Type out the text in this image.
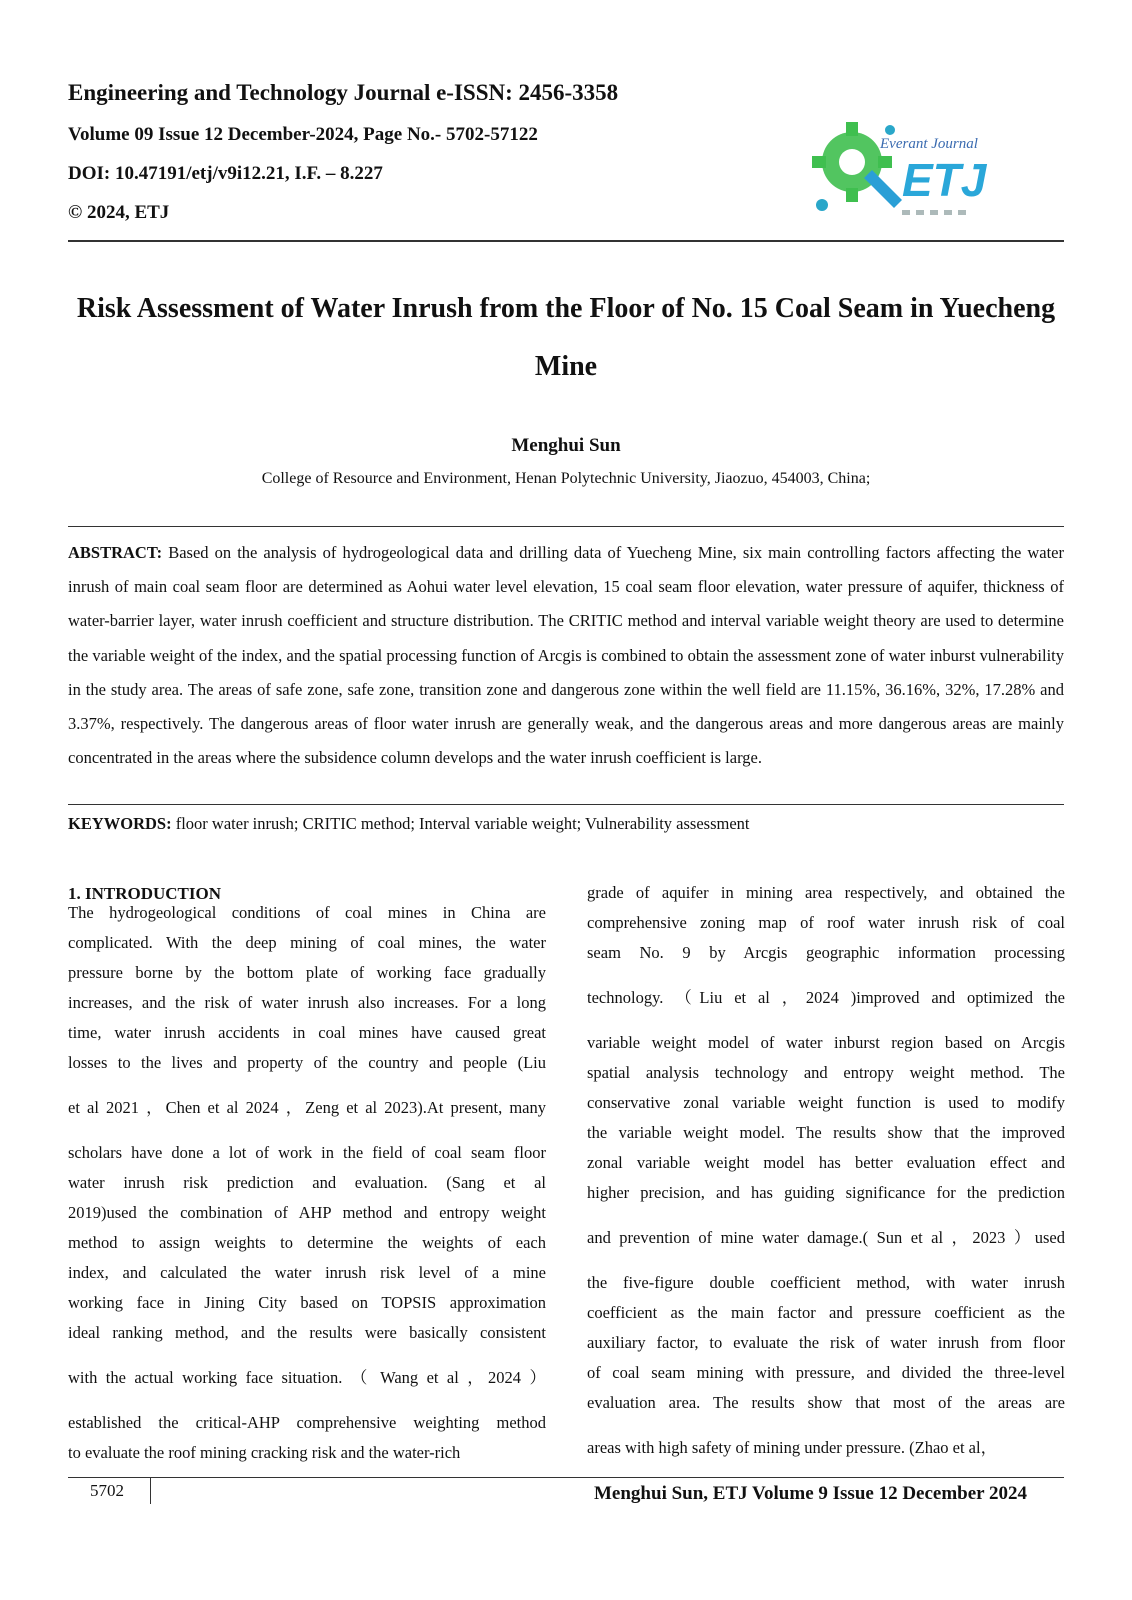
Engineering and Technology Journal e-ISSN: 2456-3358
Volume 09 Issue 12 December-2024, Page No.- 5702-57122
DOI: 10.47191/etj/v9i12.21, I.F. – 8.227
© 2024, ETJ
Everant Journal
ETJ
Risk Assessment of Water Inrush from the Floor of No. 15 Coal Seam in Yuecheng Mine
Menghui Sun
College of Resource and Environment, Henan Polytechnic University, Jiaozuo, 454003, China;
ABSTRACT: Based on the analysis of hydrogeological data and drilling data of Yuecheng Mine, six main controlling factors affecting the water inrush of main coal seam floor are determined as Aohui water level elevation, 15 coal seam floor elevation, water pressure of aquifer, thickness of water-barrier layer, water inrush coefficient and structure distribution. The CRITIC method and interval variable weight theory are used to determine the variable weight of the index, and the spatial processing function of Arcgis is combined to obtain the assessment zone of water inburst vulnerability in the study area. The areas of safe zone, safe zone, transition zone and dangerous zone within the well field are 11.15%, 36.16%, 32%, 17.28% and 3.37%, respectively. The dangerous areas of floor water inrush are generally weak, and the dangerous areas and more dangerous areas are mainly concentrated in the areas where the subsidence column develops and the water inrush coefficient is large.
KEYWORDS: floor water inrush; CRITIC method; Interval variable weight; Vulnerability assessment
1. INTRODUCTION
The hydrogeological conditions of coal mines in China are
complicated. With the deep mining of coal mines, the water
pressure borne by the bottom plate of working face gradually
increases, and the risk of water inrush also increases. For a long
time, water inrush accidents in coal mines have caused great
losses to the lives and property of the country and people (Liu
et al 2021 ，Chen et al 2024 ，Zeng et al 2023).At present, many
scholars have done a lot of work in the field of coal seam floor
water inrush risk prediction and evaluation. (Sang et al
2019)used the combination of AHP method and entropy weight
method to assign weights to determine the weights of each
index, and calculated the water inrush risk level of a mine
working face in Jining City based on TOPSIS approximation
ideal ranking method, and the results were basically consistent
with the actual working face situation. （ Wang et al ，2024 ）
established the critical-AHP comprehensive weighting method
to evaluate the roof mining cracking risk and the water-rich
grade of aquifer in mining area respectively, and obtained the
comprehensive zoning map of roof water inrush risk of coal
seam No. 9 by Arcgis geographic information processing
technology. （Liu et al ，2024 )improved and optimized the
variable weight model of water inburst region based on Arcgis
spatial analysis technology and entropy weight method. The
conservative zonal variable weight function is used to modify
the variable weight model. The results show that the improved
zonal variable weight model has better evaluation effect and
higher precision, and has guiding significance for the prediction
and prevention of mine water damage.( Sun et al ，2023 ）used
the five-figure double coefficient method, with water inrush
coefficient as the main factor and pressure coefficient as the
auxiliary factor, to evaluate the risk of water inrush from floor
of coal seam mining with pressure, and divided the three-level
evaluation area. The results show that most of the areas are
areas with high safety of mining under pressure. (Zhao et al，
5702	Menghui Sun, ETJ Volume 9 Issue 12 December 2024
